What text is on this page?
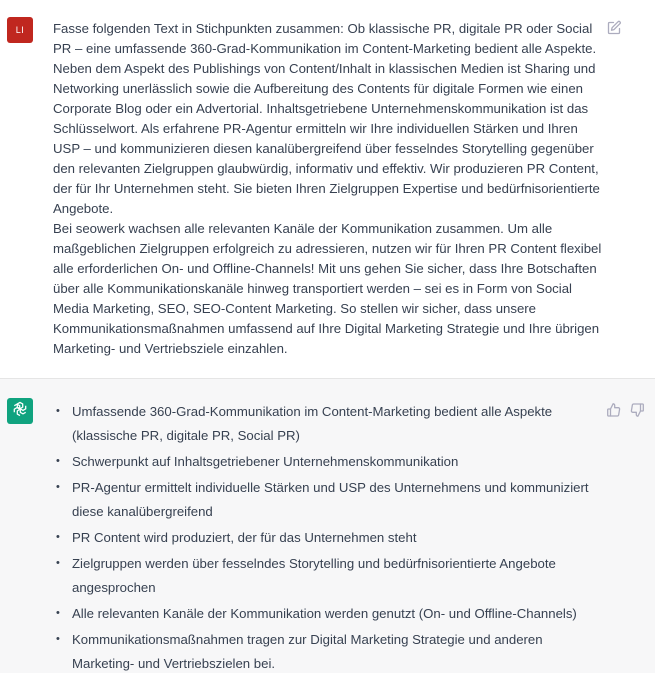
LI	Fasse folgenden Text in Stichpunkten zusammen: Ob klassische PR, digitale PR oder Social PR – eine umfassende 360-Grad-Kommunikation im Content-Marketing bedient alle Aspekte. Neben dem Aspekt des Publishings von Content/Inhalt in klassischen Medien ist Sharing und Networking unerlässlich sowie die Aufbereitung des Contents für digitale Formen wie einen Corporate Blog oder ein Advertorial. Inhaltsgetriebene Unternehmenskommunikation ist das Schlüsselwort. Als erfahrene PR-Agentur ermitteln wir Ihre individuellen Stärken und Ihren USP – und kommunizieren diesen kanalübergreifend über fesselndes Storytelling gegenüber den relevanten Zielgruppen glaubwürdig, informativ und effektiv. Wir produzieren PR Content, der für Ihr Unternehmen steht. Sie bieten Ihren Zielgruppen Expertise und bedürfnisorientierte Angebote.

Bei seowerk wachsen alle relevanten Kanäle der Kommunikation zusammen. Um alle maßgeblichen Zielgruppen erfolgreich zu adressieren, nutzen wir für Ihren PR Content flexibel alle erforderlichen On- und Offline-Channels! Mit uns gehen Sie sicher, dass Ihre Botschaften über alle Kommunikationskanäle hinweg transportiert werden – sei es in Form von Social Media Marketing, SEO, SEO-Content Marketing. So stellen wir sicher, dass unsere Kommunikationsmaßnahmen umfassend auf Ihre Digital Marketing Strategie und Ihre übrigen Marketing- und Vertriebsziele einzahlen.

• Umfassende 360-Grad-Kommunikation im Content-Marketing bedient alle Aspekte (klassische PR, digitale PR, Social PR)
• Schwerpunkt auf Inhaltsgetriebener Unternehmenskommunikation
• PR-Agentur ermittelt individuelle Stärken und USP des Unternehmens und kommuniziert diese kanalübergreifend
• PR Content wird produziert, der für das Unternehmen steht
• Zielgruppen werden über fesselndes Storytelling und bedürfnisorientierte Angebote angesprochen
• Alle relevanten Kanäle der Kommunikation werden genutzt (On- und Offline-Channels)
• Kommunikationsmaßnahmen tragen zur Digital Marketing Strategie und anderen Marketing- und Vertriebszielen bei.
